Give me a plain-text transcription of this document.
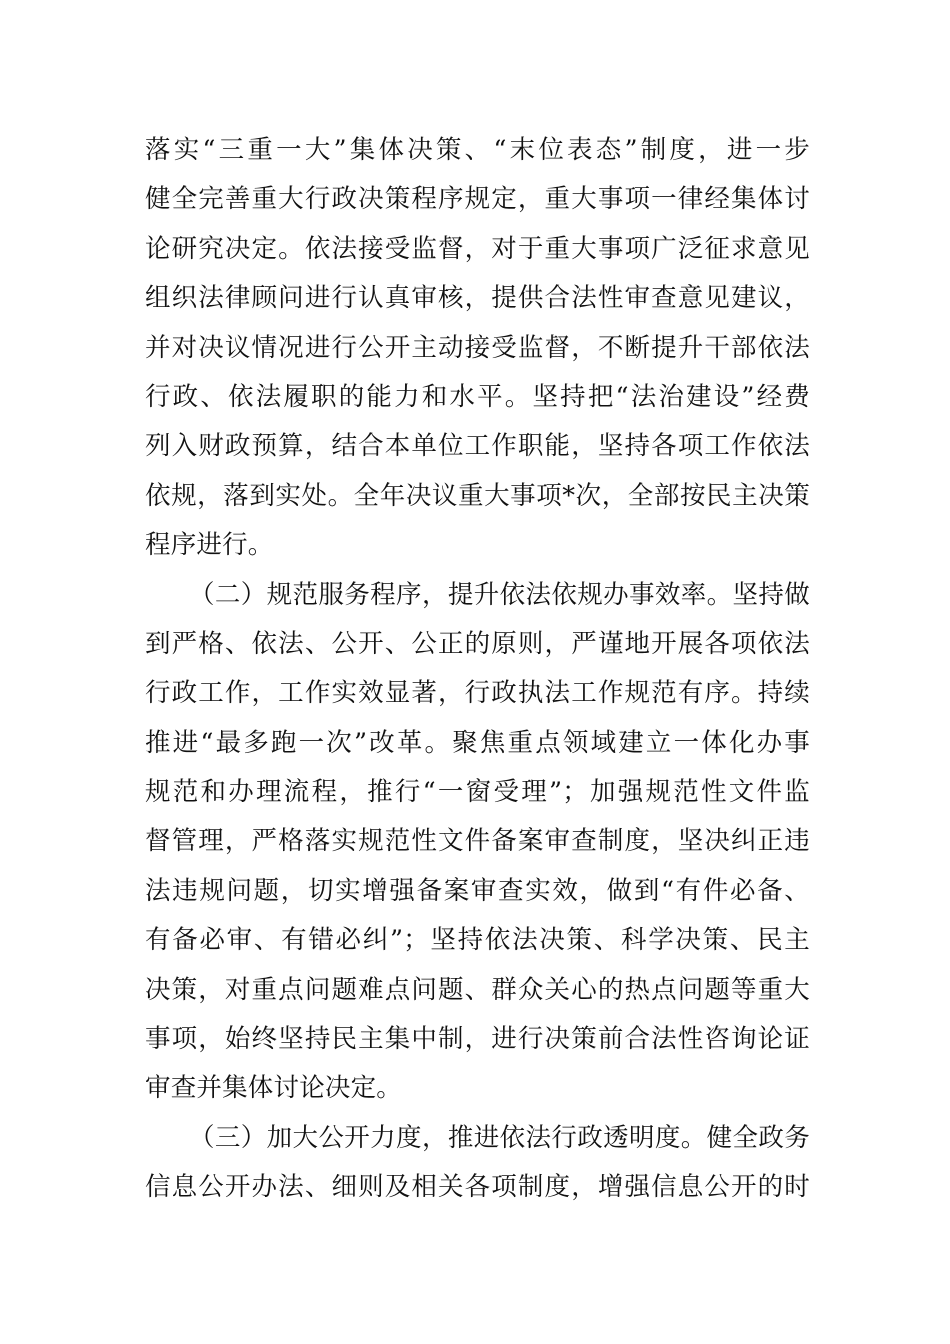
落实“三重一大”集体决策、“末位表态”制度，进一步
健全完善重大行政决策程序规定，重大事项一律经集体讨
论研究决定。依法接受监督，对于重大事项广泛征求意见
组织法律顾问进行认真审核，提供合法性审查意见建议，
并对决议情况进行公开主动接受监督，不断提升干部依法
行政、依法履职的能力和水平。坚持把“法治建设”经费
列入财政预算，结合本单位工作职能，坚持各项工作依法
依规，落到实处。全年决议重大事项*次，全部按民主决策
程序进行。
（二）规范服务程序，提升依法依规办事效率。坚持做
到严格、依法、公开、公正的原则，严谨地开展各项依法
行政工作，工作实效显著，行政执法工作规范有序。持续
推进“最多跑一次”改革。聚焦重点领域建立一体化办事
规范和办理流程，推行“一窗受理”；加强规范性文件监
督管理，严格落实规范性文件备案审查制度，坚决纠正违
法违规问题，切实增强备案审查实效，做到“有件必备、
有备必审、有错必纠”；坚持依法决策、科学决策、民主
决策，对重点问题难点问题、群众关心的热点问题等重大
事项，始终坚持民主集中制，进行决策前合法性咨询论证
审查并集体讨论决定。
（三）加大公开力度，推进依法行政透明度。健全政务
信息公开办法、细则及相关各项制度，增强信息公开的时
